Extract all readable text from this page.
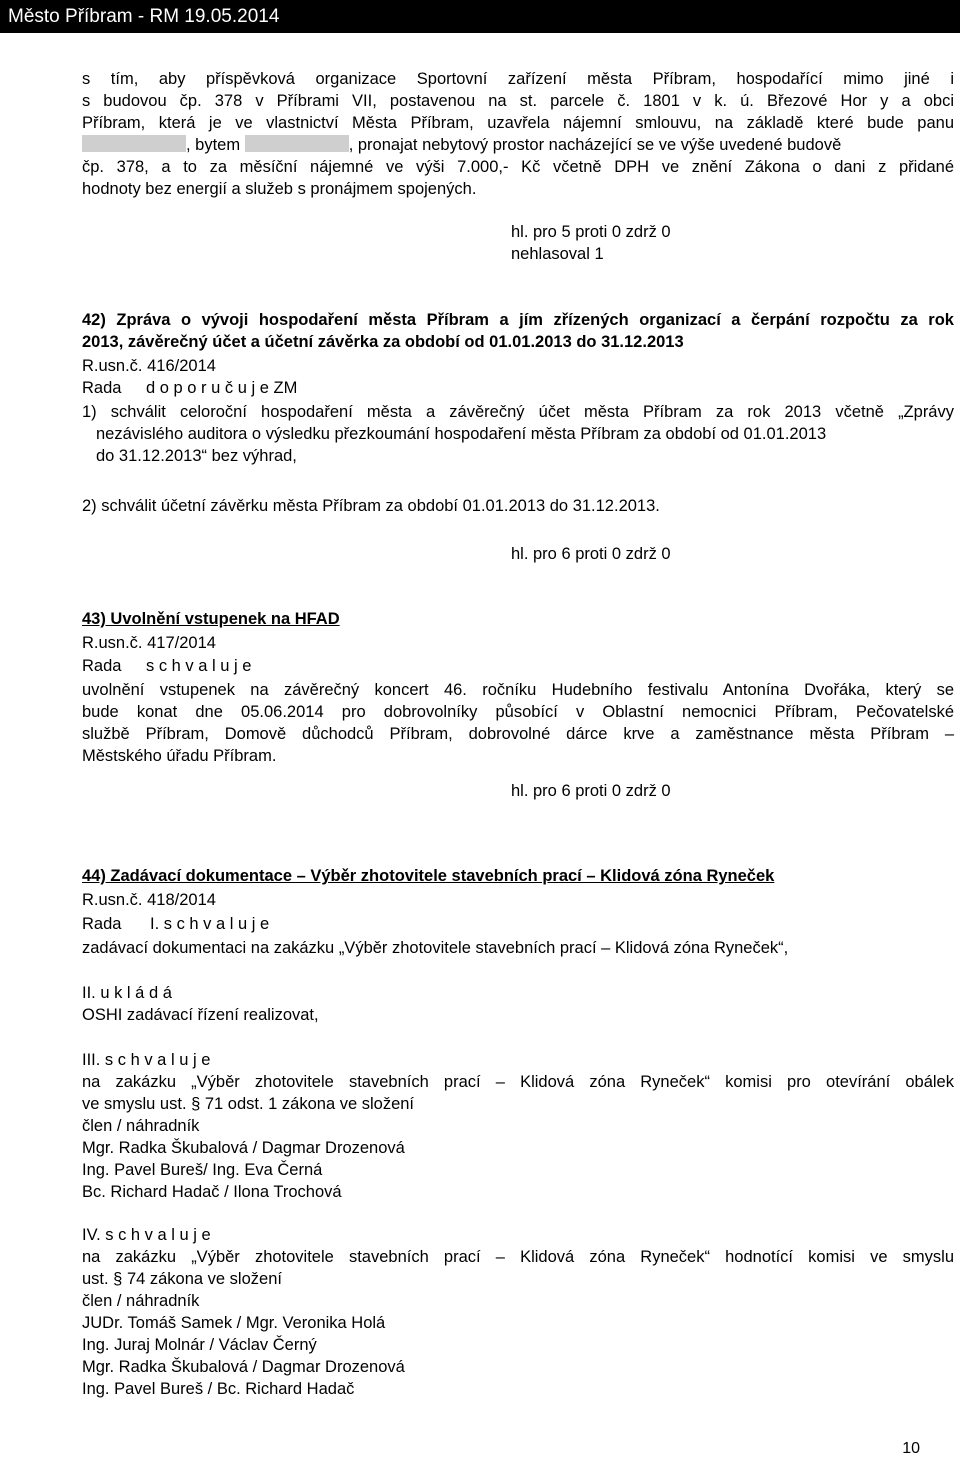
Město Příbram - RM 19.05.2014
s tím, aby příspěvková organizace Sportovní zařízení města Příbram, hospodařící mimo jiné i
s budovou čp. 378 v Příbrami VII, postavenou na st. parcele č. 1801 v k. ú. Březové Hor y a obci
Příbram, která je ve vlastnictví Města Příbram, uzavřela nájemní smlouvu, na základě které bude panu
, bytem	, pronajat nebytový prostor nacházející se ve výše uvedené budově
čp. 378, a to za měsíční nájemné ve výši 7.000,- Kč včetně DPH ve znění Zákona o dani z přidané
hodnoty bez energií a služeb s pronájmem spojených.
hl. pro 5 proti 0 zdrž 0
nehlasoval 1
42) Zpráva o vývoji hospodaření města Příbram a jím zřízených organizací a čerpání rozpočtu za rok
2013, závěrečný účet a účetní závěrka za období od 01.01.2013 do 31.12.2013
R.usn.č. 416/2014
Rada d o p o r u č u j e ZM
1) schválit celoroční hospodaření města a závěrečný účet města Příbram za rok 2013 včetně „Zprávy
nezávislého auditora o výsledku přezkoumání hospodaření města Příbram za období od 01.01.2013
do 31.12.2013“ bez výhrad,
2) schválit účetní závěrku města Příbram za období 01.01.2013 do 31.12.2013.
hl. pro 6 proti 0 zdrž 0
43) Uvolnění vstupenek na HFAD
R.usn.č. 417/2014
Rada s c h v a l u j e
uvolnění vstupenek na závěrečný koncert 46. ročníku Hudebního festivalu Antonína Dvořáka, který se
bude konat dne 05.06.2014 pro dobrovolníky působící v Oblastní nemocnici Příbram, Pečovatelské
službě Příbram, Domově důchodců Příbram, dobrovolné dárce krve a zaměstnance města Příbram –
Městského úřadu Příbram.
hl. pro 6 proti 0 zdrž 0
44) Zadávací dokumentace – Výběr zhotovitele stavebních prací – Klidová zóna Ryneček
R.usn.č. 418/2014
Rada I. s c h v a l u j e
zadávací dokumentaci na zakázku „Výběr zhotovitele stavebních prací – Klidová zóna Ryneček“,
II. u k l á d á
OSHI zadávací řízení realizovat,
III. s c h v a l u j e
na zakázku „Výběr zhotovitele stavebních prací – Klidová zóna Ryneček“ komisi pro otevírání obálek
ve smyslu ust. § 71 odst. 1 zákona ve složení
člen / náhradník
Mgr. Radka Škubalová / Dagmar Drozenová
Ing. Pavel Bureš/ Ing. Eva Černá
Bc. Richard Hadač / Ilona Trochová
IV. s c h v a l u j e
na zakázku „Výběr zhotovitele stavebních prací – Klidová zóna Ryneček“ hodnotící komisi ve smyslu
ust. § 74 zákona ve složení
člen / náhradník
JUDr. Tomáš Samek / Mgr. Veronika Holá
Ing. Juraj Molnár / Václav Černý
Mgr. Radka Škubalová / Dagmar Drozenová
Ing. Pavel Bureš / Bc. Richard Hadač
10
